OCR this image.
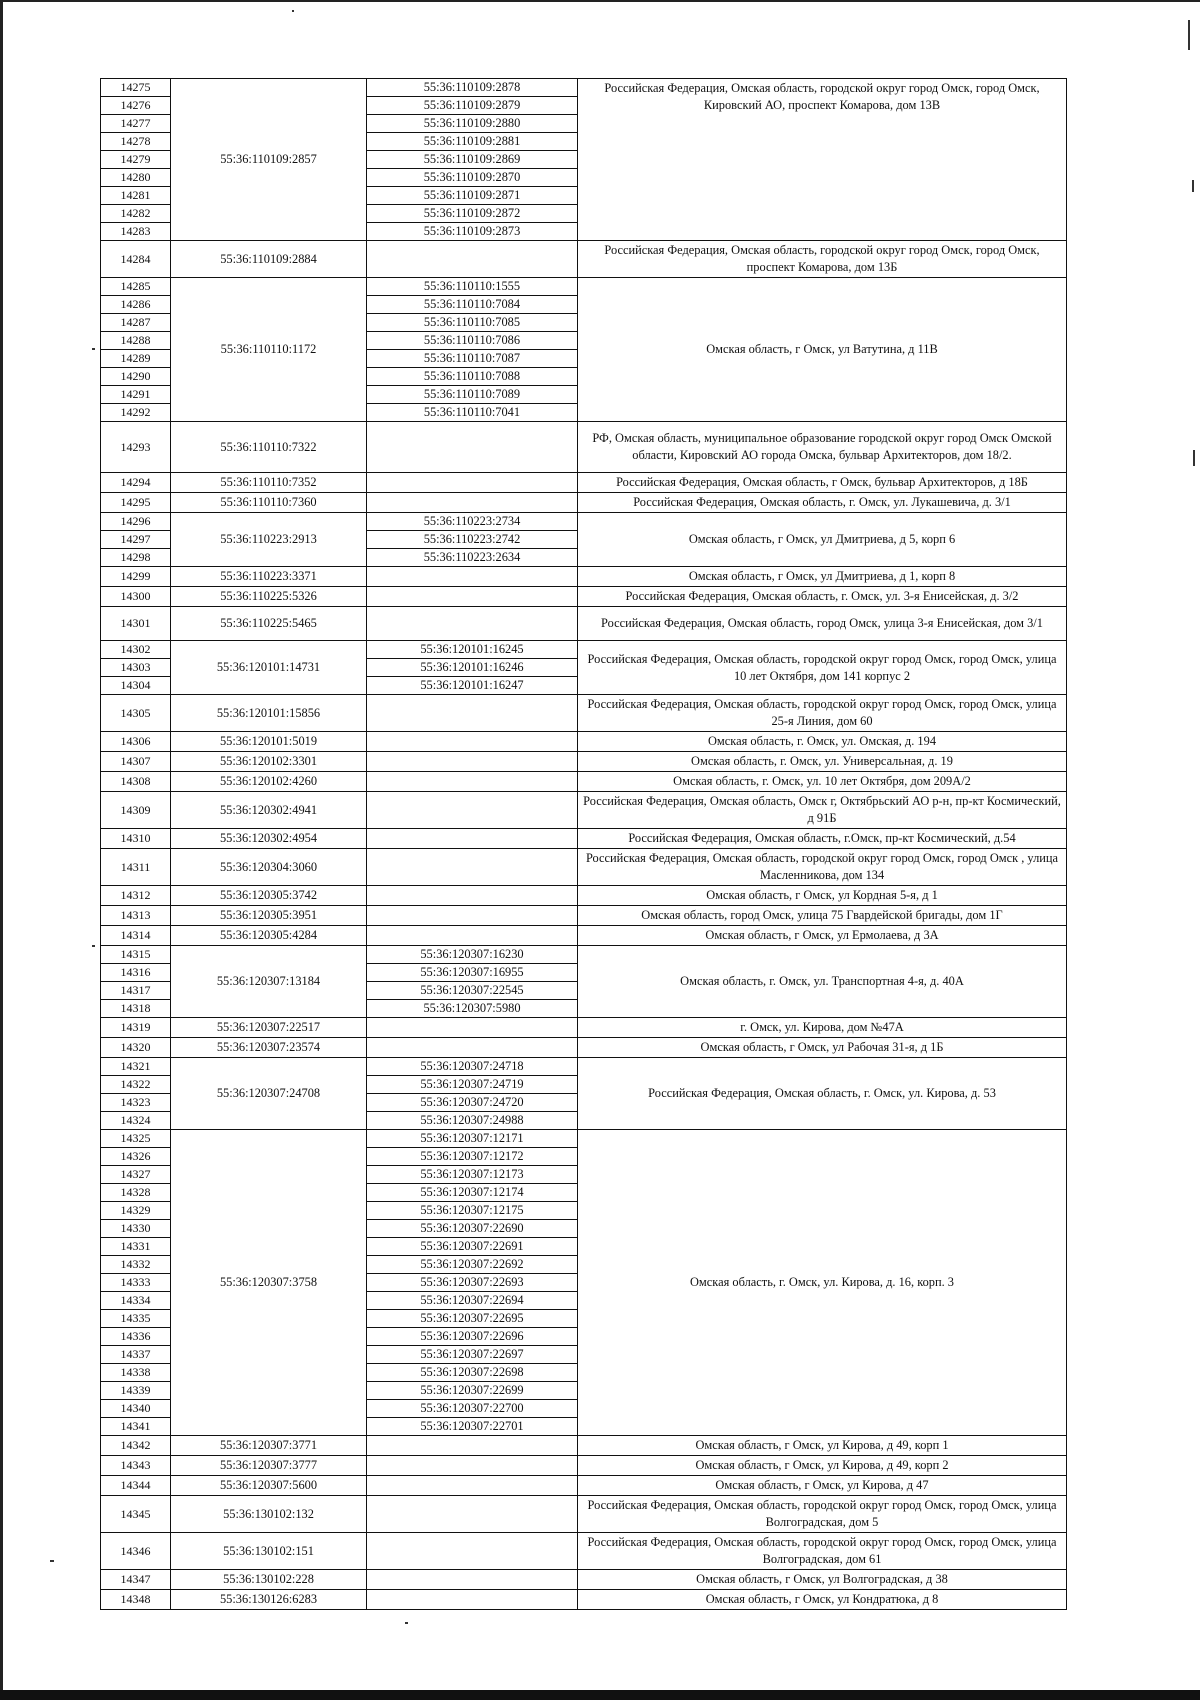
14275	55:36:110109:2857	55:36:110109:2878	Российская Федерация, Омская область, городской округ город Омск, город Омск, Кировский АО, проспект Комарова, дом 13В
14276		55:36:110109:2879	
14277		55:36:110109:2880	
14278		55:36:110109:2881	
14279		55:36:110109:2869	
14280		55:36:110109:2870	
14281		55:36:110109:2871	
14282		55:36:110109:2872	
14283		55:36:110109:2873	
14284	55:36:110109:2884		Российская Федерация, Омская область, городской округ город Омск, город Омск, проспект Комарова, дом 13Б
14285	55:36:110110:1172	55:36:110110:1555	Омская область, г Омск, ул Ватутина, д 11В
14286		55:36:110110:7084	
14287		55:36:110110:7085	
14288		55:36:110110:7086	
14289		55:36:110110:7087	
14290		55:36:110110:7088	
14291		55:36:110110:7089	
14292		55:36:110110:7041	
14293	55:36:110110:7322		РФ, Омская область, муниципальное образование городской округ город Омск Омской области, Кировский АО города Омска, бульвар Архитекторов, дом 18/2.
14294	55:36:110110:7352		Российская Федерация, Омская область, г Омск, бульвар Архитекторов, д 18Б
14295	55:36:110110:7360		Российская Федерация, Омская область, г. Омск, ул. Лукашевича, д. 3/1
14296	55:36:110223:2913	55:36:110223:2734	Омская область, г Омск, ул Дмитриева, д 5, корп 6
14297		55:36:110223:2742	
14298		55:36:110223:2634	
14299	55:36:110223:3371		Омская область, г Омск, ул Дмитриева, д 1, корп 8
14300	55:36:110225:5326		Российская Федерация, Омская область, г. Омск, ул. 3-я Енисейская, д. 3/2
14301	55:36:110225:5465		Российская Федерация, Омская область, город Омск, улица 3-я Енисейская, дом 3/1
14302	55:36:120101:14731	55:36:120101:16245	Российская Федерация, Омская область, городской округ город Омск, город Омск, улица 10 лет Октября, дом 141 корпус 2
14303		55:36:120101:16246	
14304		55:36:120101:16247	
14305	55:36:120101:15856		Российская Федерация, Омская область, городской округ город Омск, город Омск, улица 25-я Линия, дом 60
14306	55:36:120101:5019		Омская область, г. Омск, ул. Омская, д. 194
14307	55:36:120102:3301		Омская область, г. Омск, ул. Универсальная, д. 19
14308	55:36:120102:4260		Омская область, г. Омск, ул. 10 лет Октября, дом 209А/2
14309	55:36:120302:4941		Российская Федерация, Омская область, Омск г, Октябрьский АО р-н, пр-кт Космический, д 91Б
14310	55:36:120302:4954		Российская Федерация, Омская область, г.Омск, пр-кт Космический, д.54
14311	55:36:120304:3060		Российская Федерация, Омская область, городской округ город Омск, город Омск , улица Масленникова, дом 134
14312	55:36:120305:3742		Омская область, г Омск, ул Кордная 5-я, д 1
14313	55:36:120305:3951		Омская область, город Омск, улица 75 Гвардейской бригады, дом 1Г
14314	55:36:120305:4284		Омская область, г Омск, ул Ермолаева, д 3А
14315	55:36:120307:13184	55:36:120307:16230	Омская область, г. Омск, ул. Транспортная 4-я, д. 40А
14316		55:36:120307:16955	
14317		55:36:120307:22545	
14318		55:36:120307:5980	
14319	55:36:120307:22517		г. Омск, ул. Кирова, дом №47А
14320	55:36:120307:23574		Омская область, г Омск, ул Рабочая 31-я, д 1Б
14321	55:36:120307:24708	55:36:120307:24718	Российская Федерация, Омская область, г. Омск, ул. Кирова, д. 53
14322		55:36:120307:24719	
14323		55:36:120307:24720	
14324		55:36:120307:24988	
14325	55:36:120307:3758	55:36:120307:12171	Омская область, г. Омск, ул. Кирова, д. 16, корп. 3
14326		55:36:120307:12172	
14327		55:36:120307:12173	
14328		55:36:120307:12174	
14329		55:36:120307:12175	
14330		55:36:120307:22690	
14331		55:36:120307:22691	
14332		55:36:120307:22692	
14333		55:36:120307:22693	
14334		55:36:120307:22694	
14335		55:36:120307:22695	
14336		55:36:120307:22696	
14337		55:36:120307:22697	
14338		55:36:120307:22698	
14339		55:36:120307:22699	
14340		55:36:120307:22700	
14341		55:36:120307:22701	
14342	55:36:120307:3771		Омская область, г Омск, ул Кирова, д 49, корп 1
14343	55:36:120307:3777		Омская область, г Омск, ул Кирова, д 49, корп 2
14344	55:36:120307:5600		Омская область, г Омск, ул Кирова, д 47
14345	55:36:130102:132		Российская Федерация, Омская область, городской округ город Омск, город Омск, улица Волгоградская, дом 5
14346	55:36:130102:151		Российская Федерация, Омская область, городской округ город Омск, город Омск, улица Волгоградская, дом 61
14347	55:36:130102:228		Омская область, г Омск, ул Волгоградская, д 38
14348	55:36:130126:6283		Омская область, г Омск, ул Кондратюка, д 8
